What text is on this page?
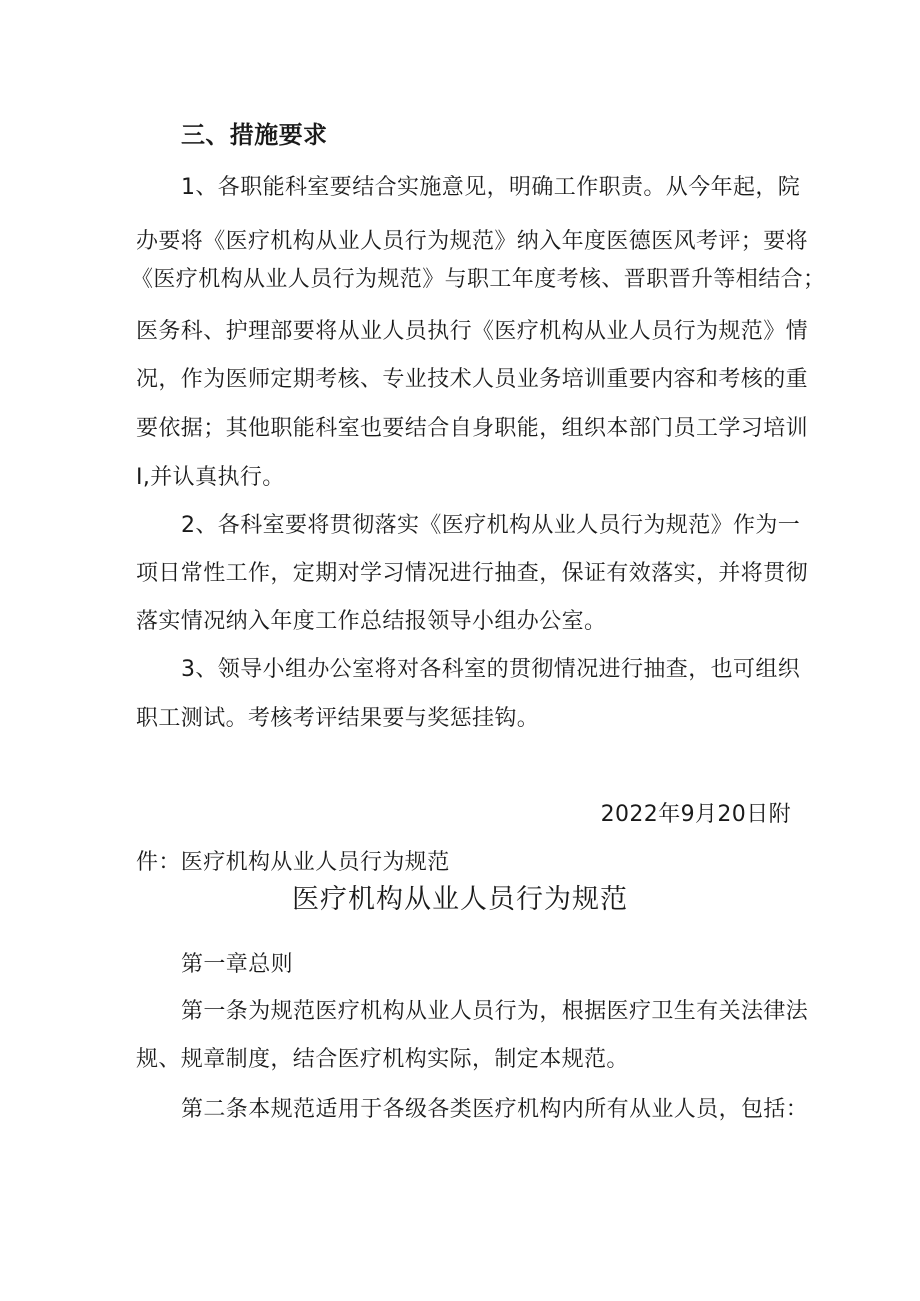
三、措施要求
1、各职能科室要结合实施意见，明确工作职责。从今年起，院
办要将《医疗机构从业人员行为规范》纳入年度医德医风考评；要将
《医疗机构从业人员行为规范》与职工年度考核、晋职晋升等相结合；
医务科、护理部要将从业人员执行《医疗机构从业人员行为规范》情
况，作为医师定期考核、专业技术人员业务培训重要内容和考核的重
要依据；其他职能科室也要结合自身职能，组织本部门员工学习培训
I,并认真执行。
2、各科室要将贯彻落实《医疗机构从业人员行为规范》作为一
项日常性工作，定期对学习情况进行抽查，保证有效落实，并将贯彻
落实情况纳入年度工作总结报领导小组办公室。
3、领导小组办公室将对各科室的贯彻情况进行抽查，也可组织
职工测试。考核考评结果要与奖惩挂钩。
2022年9月20日附
件：医疗机构从业人员行为规范
医疗机构从业人员行为规范
第一章总则
第一条为规范医疗机构从业人员行为，根据医疗卫生有关法律法
规、规章制度，结合医疗机构实际，制定本规范。
第二条本规范适用于各级各类医疗机构内所有从业人员，包括：
